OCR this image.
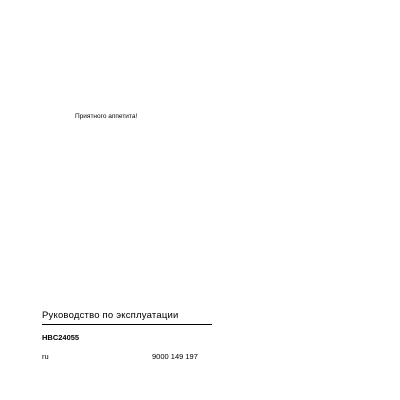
Приятного аппетита!

Руководство по эксплуатации
HBC24055
ru	9000 149 197
